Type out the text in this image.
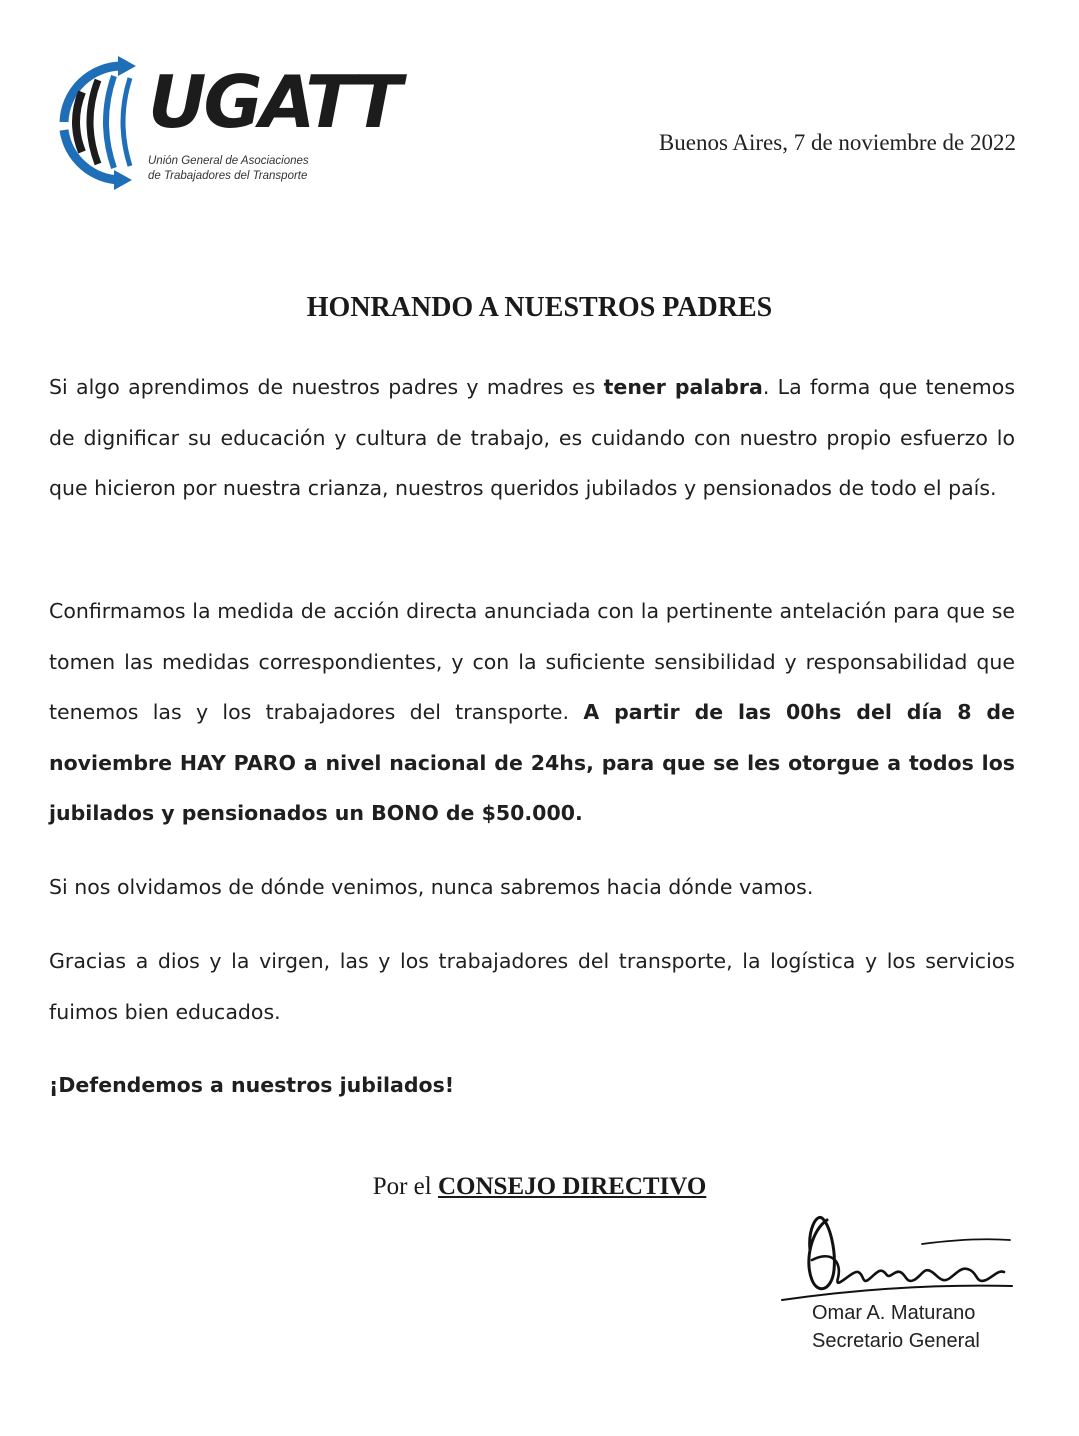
UGATT
Unión General de Asociaciones
de Trabajadores del Transporte
Buenos Aires, 7 de noviembre de 2022
HONRANDO A NUESTROS PADRES

Si algo aprendimos de nuestros padres y madres es tener palabra. La forma que tenemos de dignificar su educación y cultura de trabajo, es cuidando con nuestro propio esfuerzo lo que hicieron por nuestra crianza, nuestros queridos jubilados y pensionados de todo el país.

Confirmamos la medida de acción directa anunciada con la pertinente antelación para que se tomen las medidas correspondientes, y con la suficiente sensibilidad y responsabilidad que tenemos las y los trabajadores del transporte. A partir de las 00hs del día 8 de noviembre HAY PARO a nivel nacional de 24hs, para que se les otorgue a todos los jubilados y pensionados un BONO de $50.000.

Si nos olvidamos de dónde venimos, nunca sabremos hacia dónde vamos.

Gracias a dios y la virgen, las y los trabajadores del transporte, la logística y los servicios fuimos bien educados.

¡Defendemos a nuestros jubilados!

Por el CONSEJO DIRECTIVO
Omar A. Maturano
Secretario General
